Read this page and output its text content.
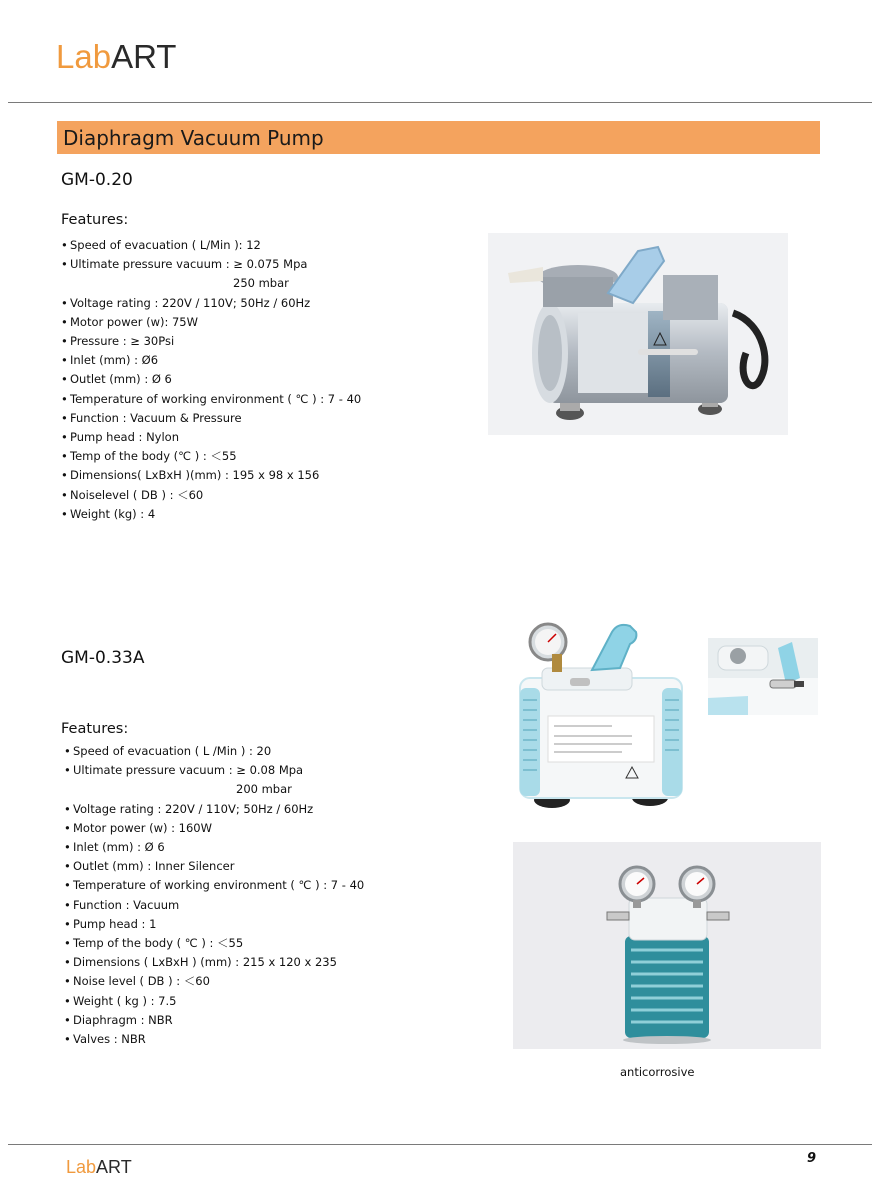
LabART
Diaphragm Vacuum Pump
GM-0.20
Features:
• Speed of evacuation ( L/Min ): 12
• Ultimate pressure vacuum : ≥ 0.075 Mpa
250 mbar
• Voltage rating : 220V / 110V; 50Hz / 60Hz
• Motor power (w): 75W
• Pressure : ≥ 30Psi
• Inlet (mm) : Ø6
• Outlet (mm) : Ø 6
• Temperature of working environment ( ℃ ) : 7 - 40
• Function : Vacuum & Pressure
• Pump head : Nylon
• Temp of the body (℃ ) : ＜55
• Dimensions( LxBxH )(mm) : 195 x 98 x 156
• Noiselevel ( DB ) : ＜60
• Weight (kg) : 4
GM-0.33A
Features:
• Speed of evacuation ( L /Min ) : 20
• Ultimate pressure vacuum : ≥ 0.08 Mpa
200 mbar
• Voltage rating : 220V / 110V; 50Hz / 60Hz
• Motor power (w) : 160W
• Inlet (mm) : Ø 6
• Outlet (mm) : Inner Silencer
• Temperature of working environment ( ℃ ) : 7 - 40
• Function : Vacuum
• Pump head : 1
• Temp of the body ( ℃ ) : ＜55
• Dimensions ( LxBxH ) (mm) : 215 x 120 x 235
• Noise level ( DB ) : ＜60
• Weight ( kg ) : 7.5
• Diaphragm : NBR
• Valves : NBR
anticorrosive
LabART	9
